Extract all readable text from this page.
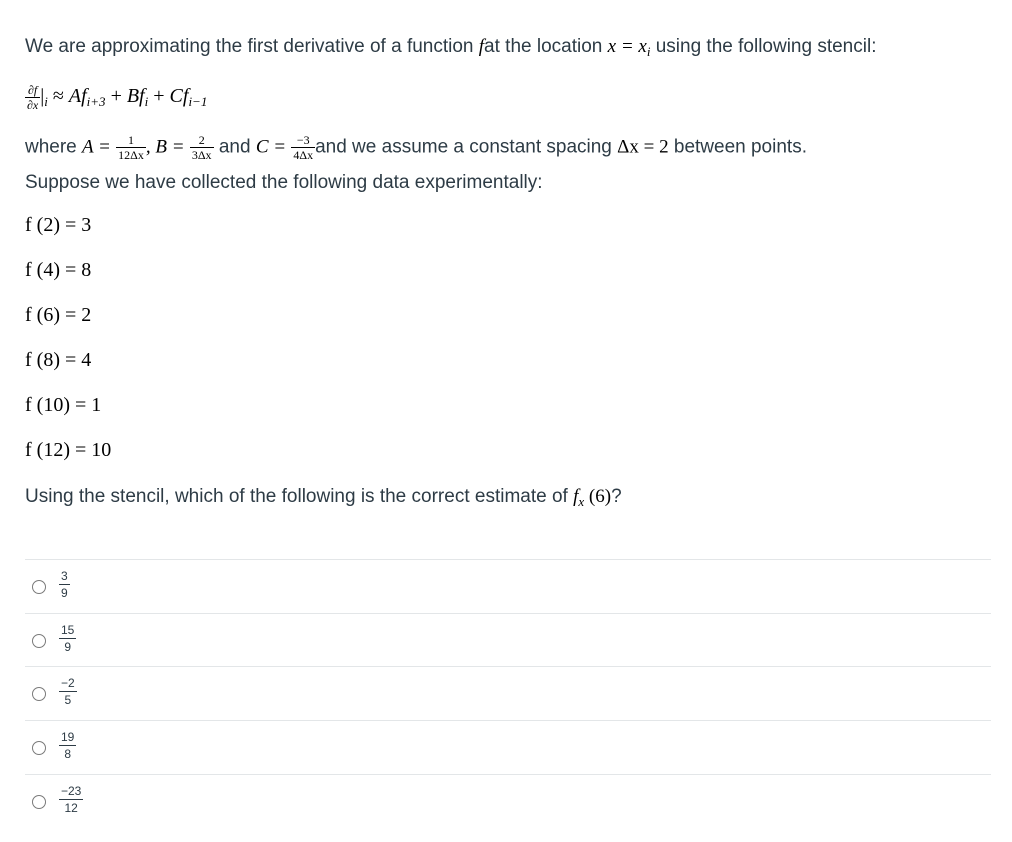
We are approximating the first derivative of a function fat the location $x = x_i$ using the following stencil:
$\frac{\partial f}{\partial x} |_i \approx Af_{i+3} + Bf_i + Cf_{i-1}$
where $A = \frac{1}{12\Delta x}$ , $B = \frac{2}{3\Delta x}$ and $C = \frac{-3}{4\Delta x}$ and we assume a constant spacing Δx = 2 between points.
Suppose we have collected the following data experimentally:
f (2) = 3
f (4) = 8
f (6) = 2
f (8) = 4
f (10) = 1
f (12) = 10
Using the stencil, which of the following is the correct estimate of $f_x$ (6)?
$\frac{3}{9}$
$\frac{15}{9}$
$\frac{-2}{5}$
$\frac{19}{8}$
$\frac{-23}{12}$
